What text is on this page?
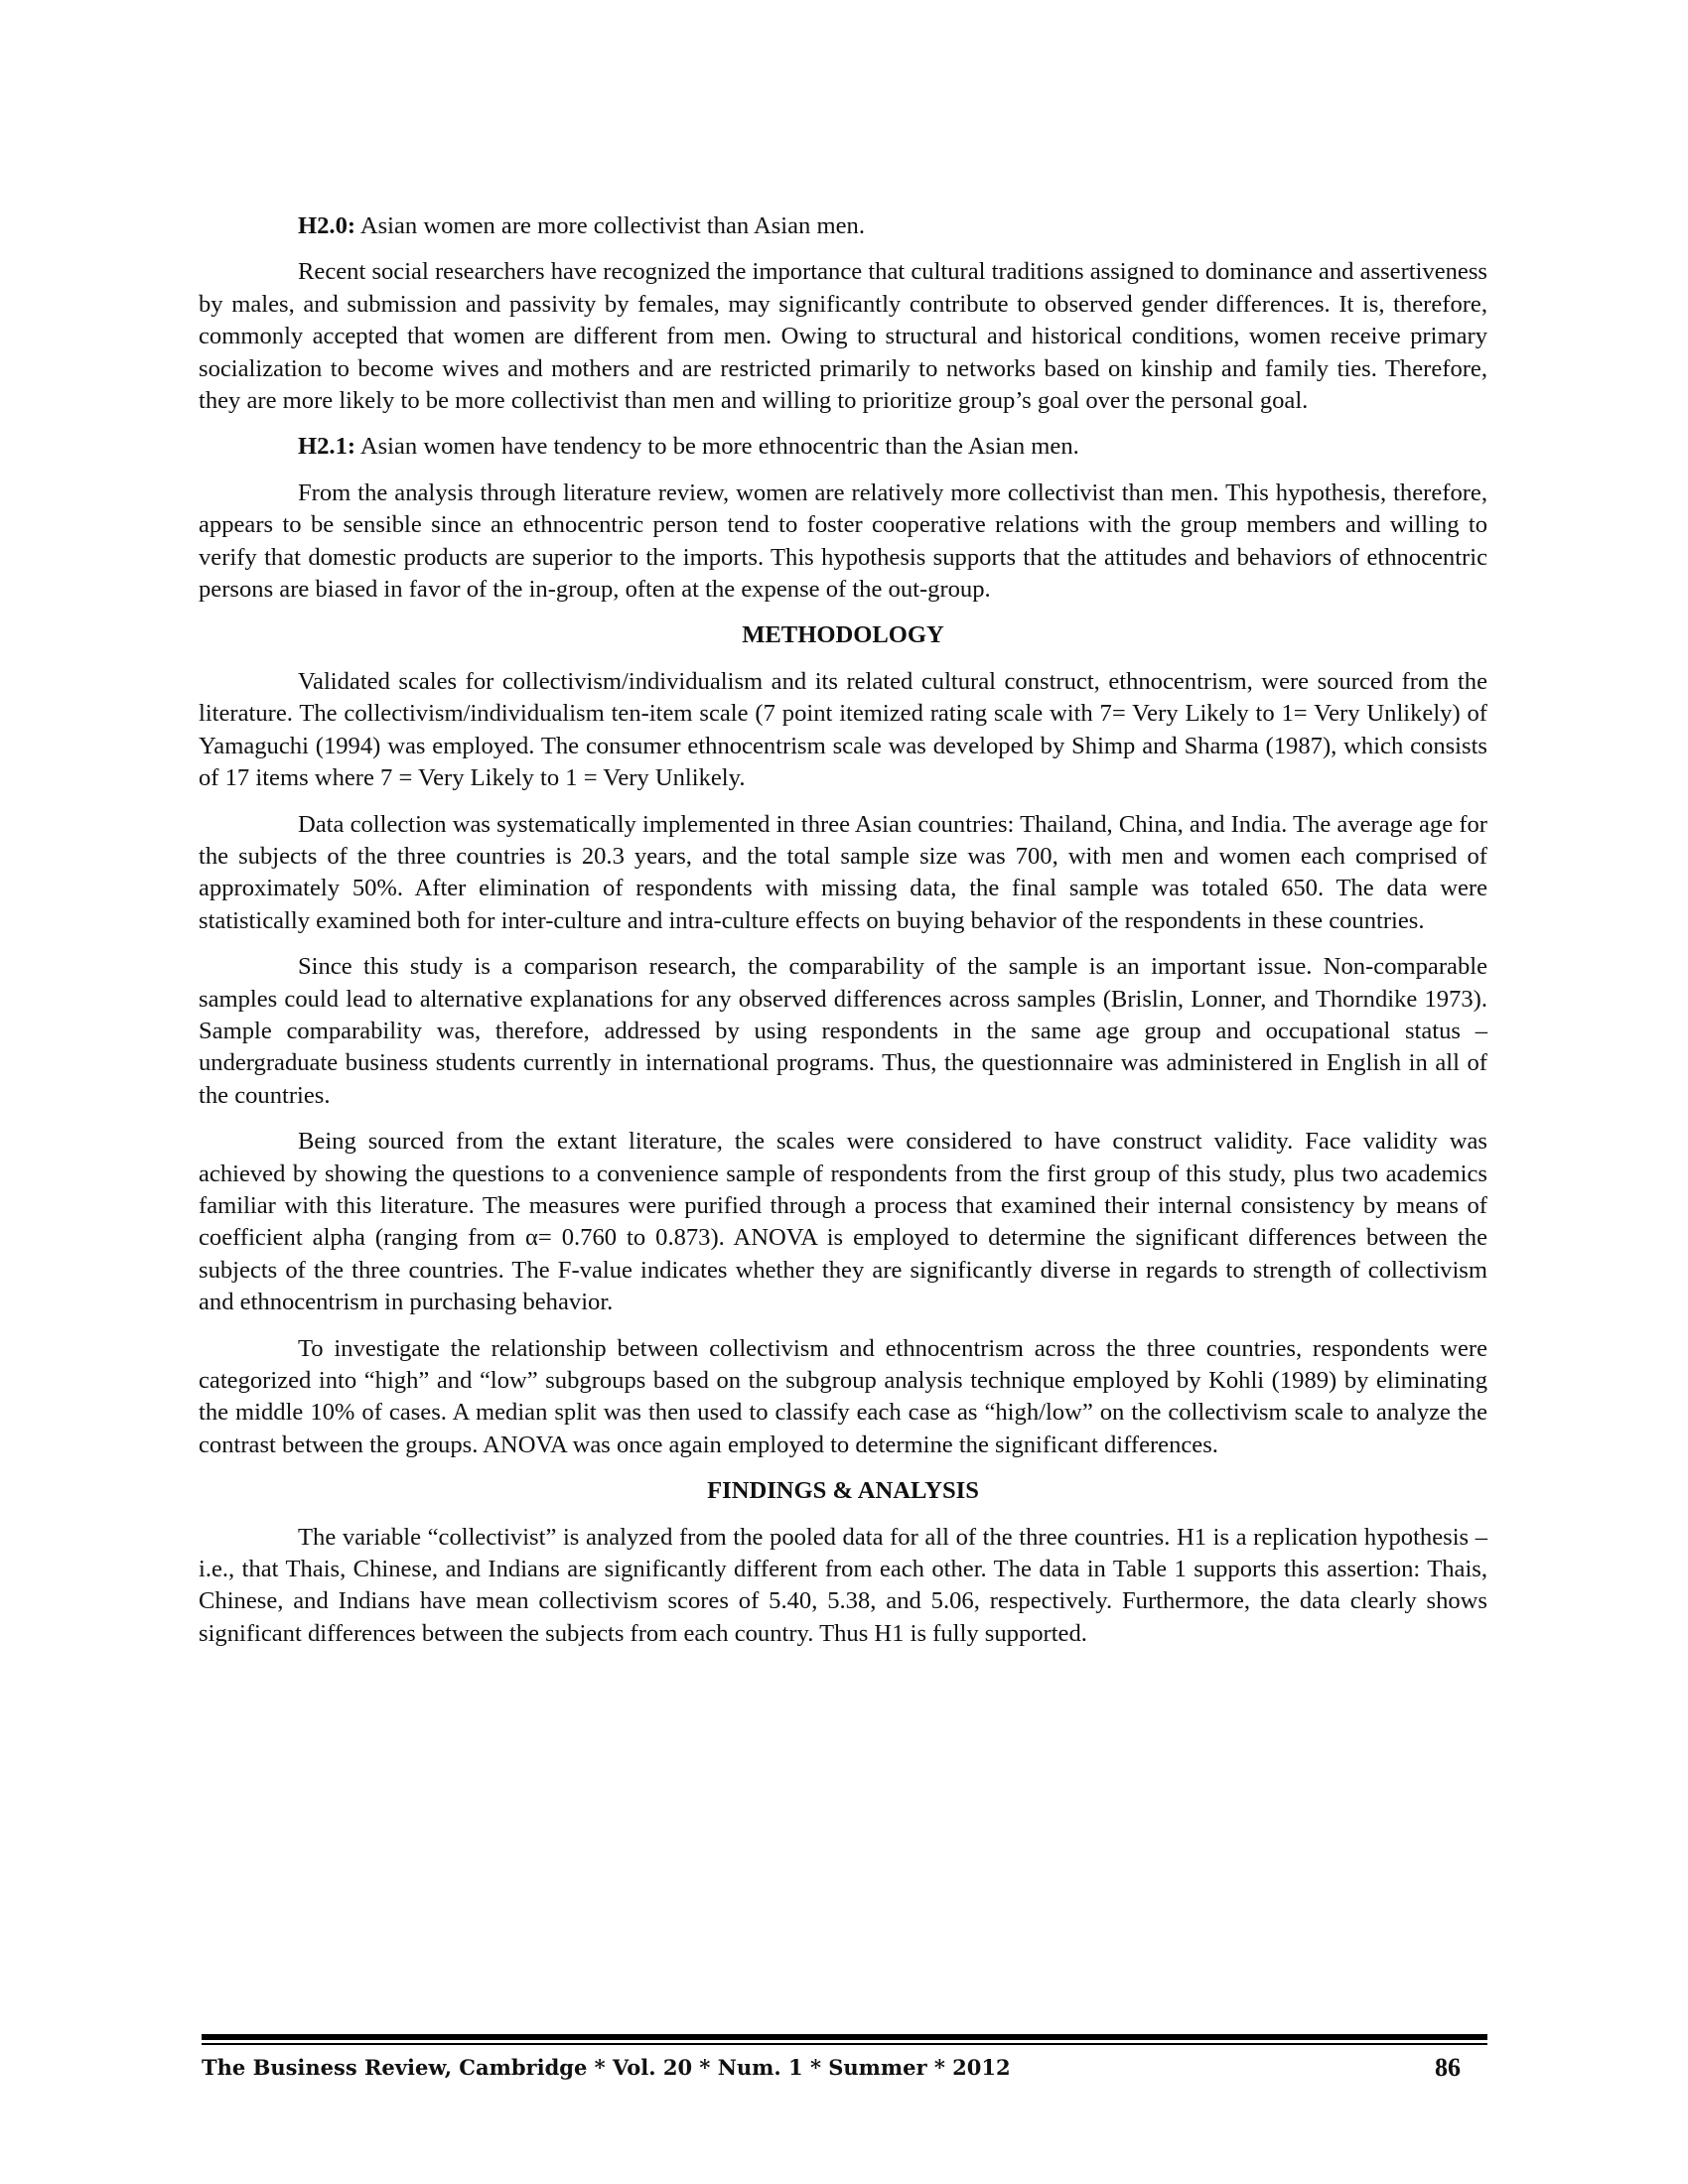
H2.0: Asian women are more collectivist than Asian men.

Recent social researchers have recognized the importance that cultural traditions assigned to dominance and assertiveness by males, and submission and passivity by females, may significantly contribute to observed gender differences. It is, therefore, commonly accepted that women are different from men. Owing to structural and historical conditions, women receive primary socialization to become wives and mothers and are restricted primarily to networks based on kinship and family ties. Therefore, they are more likely to be more collectivist than men and willing to prioritize group’s goal over the personal goal.

H2.1: Asian women have tendency to be more ethnocentric than the Asian men.

From the analysis through literature review, women are relatively more collectivist than men. This hypothesis, therefore, appears to be sensible since an ethnocentric person tend to foster cooperative relations with the group members and willing to verify that domestic products are superior to the imports. This hypothesis supports that the attitudes and behaviors of ethnocentric persons are biased in favor of the in-group, often at the expense of the out-group.

METHODOLOGY

Validated scales for collectivism/individualism and its related cultural construct, ethnocentrism, were sourced from the literature. The collectivism/individualism ten-item scale (7 point itemized rating scale with 7= Very Likely to 1= Very Unlikely) of Yamaguchi (1994) was employed. The consumer ethnocentrism scale was developed by Shimp and Sharma (1987), which consists of 17 items where 7 = Very Likely to 1 = Very Unlikely.

Data collection was systematically implemented in three Asian countries: Thailand, China, and India. The average age for the subjects of the three countries is 20.3 years, and the total sample size was 700, with men and women each comprised of approximately 50%. After elimination of respondents with missing data, the final sample was totaled 650. The data were statistically examined both for inter-culture and intra-culture effects on buying behavior of the respondents in these countries.

Since this study is a comparison research, the comparability of the sample is an important issue. Non-comparable samples could lead to alternative explanations for any observed differences across samples (Brislin, Lonner, and Thorndike 1973). Sample comparability was, therefore, addressed by using respondents in the same age group and occupational status – undergraduate business students currently in international programs. Thus, the questionnaire was administered in English in all of the countries.

Being sourced from the extant literature, the scales were considered to have construct validity. Face validity was achieved by showing the questions to a convenience sample of respondents from the first group of this study, plus two academics familiar with this literature. The measures were purified through a process that examined their internal consistency by means of coefficient alpha (ranging from α= 0.760 to 0.873). ANOVA is employed to determine the significant differences between the subjects of the three countries. The F-value indicates whether they are significantly diverse in regards to strength of collectivism and ethnocentrism in purchasing behavior.

To investigate the relationship between collectivism and ethnocentrism across the three countries, respondents were categorized into “high” and “low” subgroups based on the subgroup analysis technique employed by Kohli (1989) by eliminating the middle 10% of cases. A median split was then used to classify each case as “high/low” on the collectivism scale to analyze the contrast between the groups. ANOVA was once again employed to determine the significant differences.

FINDINGS & ANALYSIS

The variable “collectivist” is analyzed from the pooled data for all of the three countries. H1 is a replication hypothesis – i.e., that Thais, Chinese, and Indians are significantly different from each other. The data in Table 1 supports this assertion: Thais, Chinese, and Indians have mean collectivism scores of 5.40, 5.38, and 5.06, respectively. Furthermore, the data clearly shows significant differences between the subjects from each country. Thus H1 is fully supported.

The Business Review, Cambridge * Vol. 20 * Num. 1 * Summer * 2012	86
